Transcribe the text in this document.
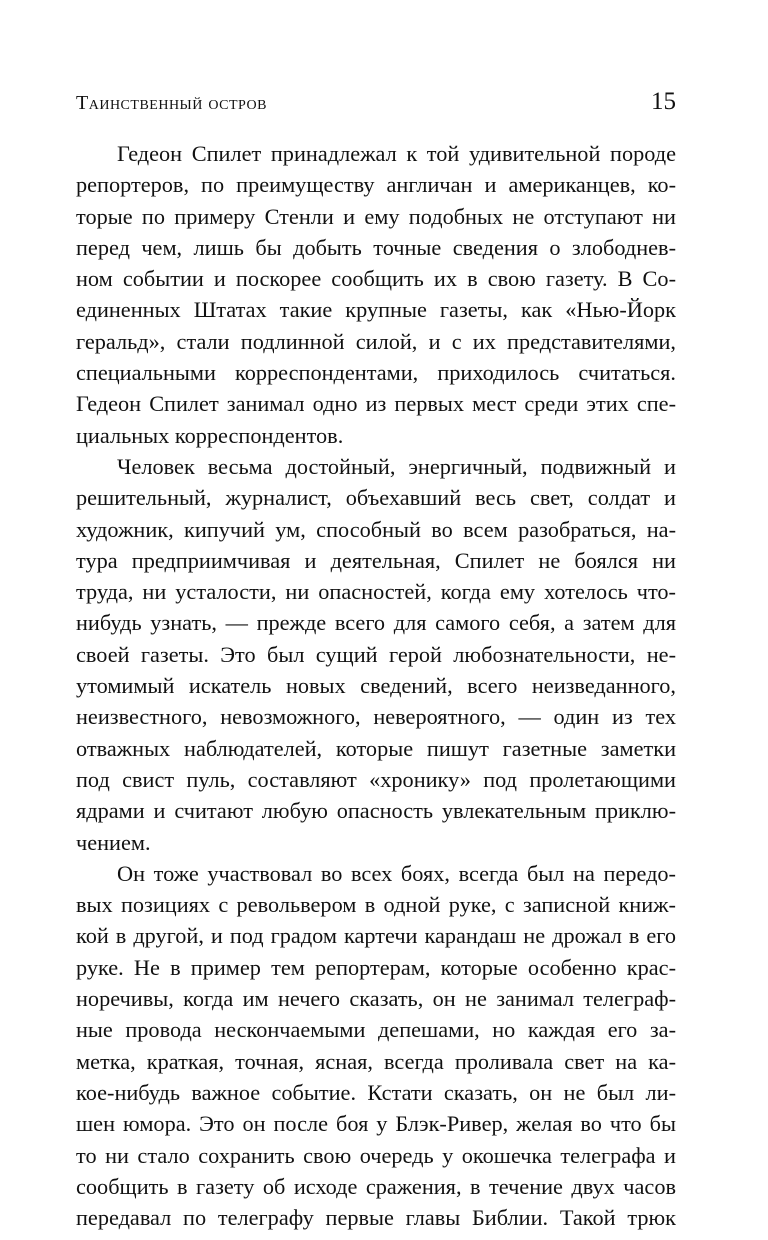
Таинственный остров	15
Гедеон Спилет принадлежал к той удивительной породе
репортеров, по преимуществу англичан и американцев, ко-
торые по примеру Стенли и ему подобных не отступают ни
перед чем, лишь бы добыть точные сведения о злободнев-
ном событии и поскорее сообщить их в свою газету. В Со-
единенных Штатах такие крупные газеты, как «Нью-Йорк
геральд», стали подлинной силой, и с их представителями,
специальными корреспондентами, приходилось считаться.
Гедеон Спилет занимал одно из первых мест среди этих спе-
циальных корреспондентов.
Человек весьма достойный, энергичный, подвижный и
решительный, журналист, объехавший весь свет, солдат и
художник, кипучий ум, способный во всем разобраться, на-
тура предприимчивая и деятельная, Спилет не боялся ни
труда, ни усталости, ни опасностей, когда ему хотелось что-
нибудь узнать, — прежде всего для самого себя, а затем для
своей газеты. Это был сущий герой любознательности, не-
утомимый искатель новых сведений, всего неизведанного,
неизвестного, невозможного, невероятного, — один из тех
отважных наблюдателей, которые пишут газетные заметки
под свист пуль, составляют «хронику» под пролетающими
ядрами и считают любую опасность увлекательным приклю-
чением.
Он тоже участвовал во всех боях, всегда был на передо-
вых позициях с револьвером в одной руке, с записной книж-
кой в другой, и под градом картечи карандаш не дрожал в его
руке. Не в пример тем репортерам, которые особенно крас-
норечивы, когда им нечего сказать, он не занимал телеграф-
ные провода нескончаемыми депешами, но каждая его за-
метка, краткая, точная, ясная, всегда проливала свет на ка-
кое-нибудь важное событие. Кстати сказать, он не был ли-
шен юмора. Это он после боя у Блэк-Ривер, желая во что бы
то ни стало сохранить свою очередь у окошечка телеграфа и
сообщить в газету об исходе сражения, в течение двух часов
передавал по телеграфу первые главы Библии. Такой трюк
